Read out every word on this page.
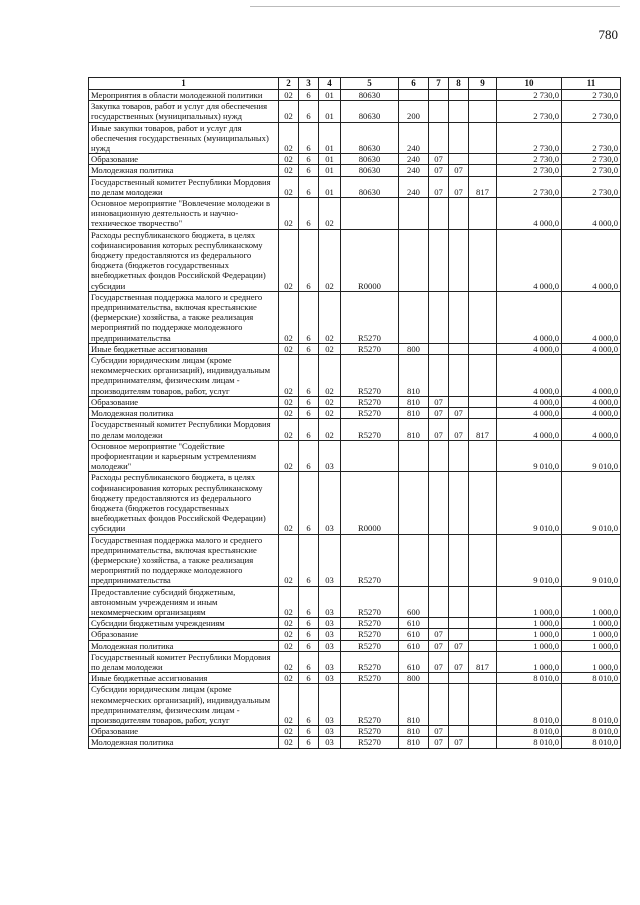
780
1	2	3	4	5	6	7	8	9	10	11
Мероприятия в области молодежной политики	02	6	01	80630					2 730,0	2 730,0
Закупка товаров, работ и услуг для обеспечения государственных (муниципальных) нужд	02	6	01	80630	200				2 730,0	2 730,0
Иные закупки товаров, работ и услуг для обеспечения государственных (муниципальных) нужд	02	6	01	80630	240				2 730,0	2 730,0
Образование	02	6	01	80630	240	07			2 730,0	2 730,0
Молодежная политика	02	6	01	80630	240	07	07		2 730,0	2 730,0
Государственный комитет Республики Мордовия по делам молодежи	02	6	01	80630	240	07	07	817	2 730,0	2 730,0
Основное мероприятие "Вовлечение молодежи в инновационную деятельность и научно-техническое творчество"	02	6	02						4 000,0	4 000,0
Расходы республиканского бюджета, в целях софинансирования которых республиканскому бюджету предоставляются из федерального бюджета (бюджетов государственных внебюджетных фондов Российской Федерации) субсидии	02	6	02	R0000					4 000,0	4 000,0
Государственная поддержка малого и среднего предпринимательства, включая крестьянские (фермерские) хозяйства, а также реализация мероприятий по поддержке молодежного предпринимательства	02	6	02	R5270					4 000,0	4 000,0
Иные бюджетные ассигнования	02	6	02	R5270	800				4 000,0	4 000,0
Субсидии юридическим лицам (кроме некоммерческих организаций), индивидуальным предпринимателям, физическим лицам - производителям товаров, работ, услуг	02	6	02	R5270	810				4 000,0	4 000,0
Образование	02	6	02	R5270	810	07			4 000,0	4 000,0
Молодежная политика	02	6	02	R5270	810	07	07		4 000,0	4 000,0
Государственный комитет Республики Мордовия по делам молодежи	02	6	02	R5270	810	07	07	817	4 000,0	4 000,0
Основное мероприятие "Содействие профориентации и карьерным устремлениям молодежи"	02	6	03						9 010,0	9 010,0
Расходы республиканского бюджета, в целях софинансирования которых республиканскому бюджету предоставляются из федерального бюджета (бюджетов государственных внебюджетных фондов Российской Федерации) субсидии	02	6	03	R0000					9 010,0	9 010,0
Государственная поддержка малого и среднего предпринимательства, включая крестьянские (фермерские) хозяйства, а также реализация мероприятий по поддержке молодежного предпринимательства	02	6	03	R5270					9 010,0	9 010,0
Предоставление субсидий бюджетным, автономным учреждениям и иным некоммерческим организациям	02	6	03	R5270	600				1 000,0	1 000,0
Субсидии бюджетным учреждениям	02	6	03	R5270	610				1 000,0	1 000,0
Образование	02	6	03	R5270	610	07			1 000,0	1 000,0
Молодежная политика	02	6	03	R5270	610	07	07		1 000,0	1 000,0
Государственный комитет Республики Мордовия по делам молодежи	02	6	03	R5270	610	07	07	817	1 000,0	1 000,0
Иные бюджетные ассигнования	02	6	03	R5270	800				8 010,0	8 010,0
Субсидии юридическим лицам (кроме некоммерческих организаций), индивидуальным предпринимателям, физическим лицам - производителям товаров, работ, услуг	02	6	03	R5270	810				8 010,0	8 010,0
Образование	02	6	03	R5270	810	07			8 010,0	8 010,0
Молодежная политика	02	6	03	R5270	810	07	07		8 010,0	8 010,0
